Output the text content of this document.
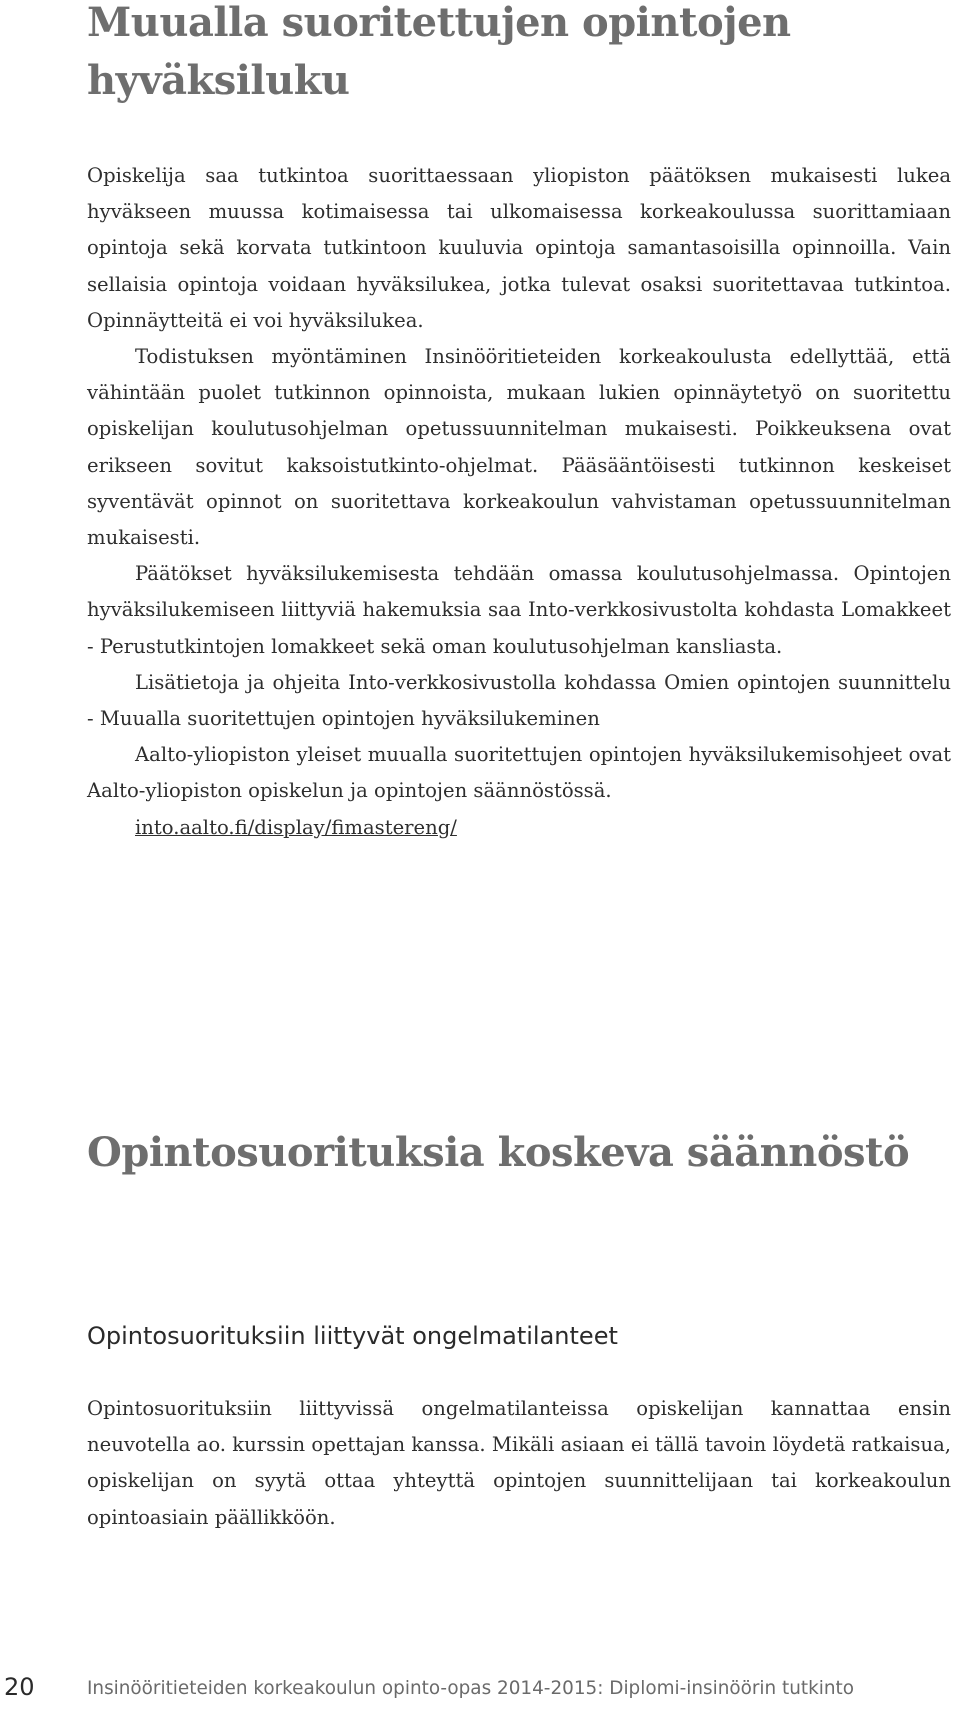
Muualla suoritettujen opintojen hyväksiluku

Opiskelija saa tutkintoa suorittaessaan yliopiston päätöksen mukaisesti lukea hyväkseen muussa kotimaisessa tai ulkomaisessa korkeakoulussa suorittamiaan opintoja sekä korvata tutkintoon kuuluvia opintoja samantasoisilla opinnoilla. Vain sellaisia opintoja voidaan hyväksilukea, jotka tulevat osaksi suoritettavaa tutkintoa. Opinnäytteitä ei voi hyväksilukea.

Todistuksen myöntäminen Insinööritieteiden korkeakoulusta edellyttää, että vähintään puolet tutkinnon opinnoista, mukaan lukien opinnäytetyö on suoritettu opiskelijan koulutusohjelman opetussuunnitelman mukaisesti. Poikkeuksena ovat erikseen sovitut kaksoistutkinto-ohjelmat. Pääsääntöisesti tutkinnon keskeiset syventävät opinnot on suoritettava korkeakoulun vahvistaman opetussuunnitelman mukaisesti.

Päätökset hyväksilukemisesta tehdään omassa koulutusohjelmassa. Opintojen hyväksilukemiseen liittyviä hakemuksia saa Into-verkkosivustolta kohdasta Lomakkeet - Perustutkintojen lomakkeet sekä oman koulutusohjelman kansliasta.

Lisätietoja ja ohjeita Into-verkkosivustolla kohdassa Omien opintojen suunnittelu - Muualla suoritettujen opintojen hyväksilukeminen

Aalto-yliopiston yleiset muualla suoritettujen opintojen hyväksilukemisohjeet ovat Aalto-yliopiston opiskelun ja opintojen säännöstössä.

into.aalto.fi/display/fimastereng/

Opintosuorituksia koskeva säännöstö
Opintosuorituksiin liittyvät ongelmatilanteet

Opintosuorituksiin liittyvissä ongelmatilanteissa opiskelijan kannattaa ensin neuvotella ao. kurssin opettajan kanssa. Mikäli asiaan ei tällä tavoin löydetä ratkaisua, opiskelijan on syytä ottaa yhteyttä opintojen suunnittelijaan tai korkeakoulun opintoasiain päällikköön.

20	Insinööritieteiden korkeakoulun opinto-opas 2014-2015: Diplomi-insinöörin tutkinto
